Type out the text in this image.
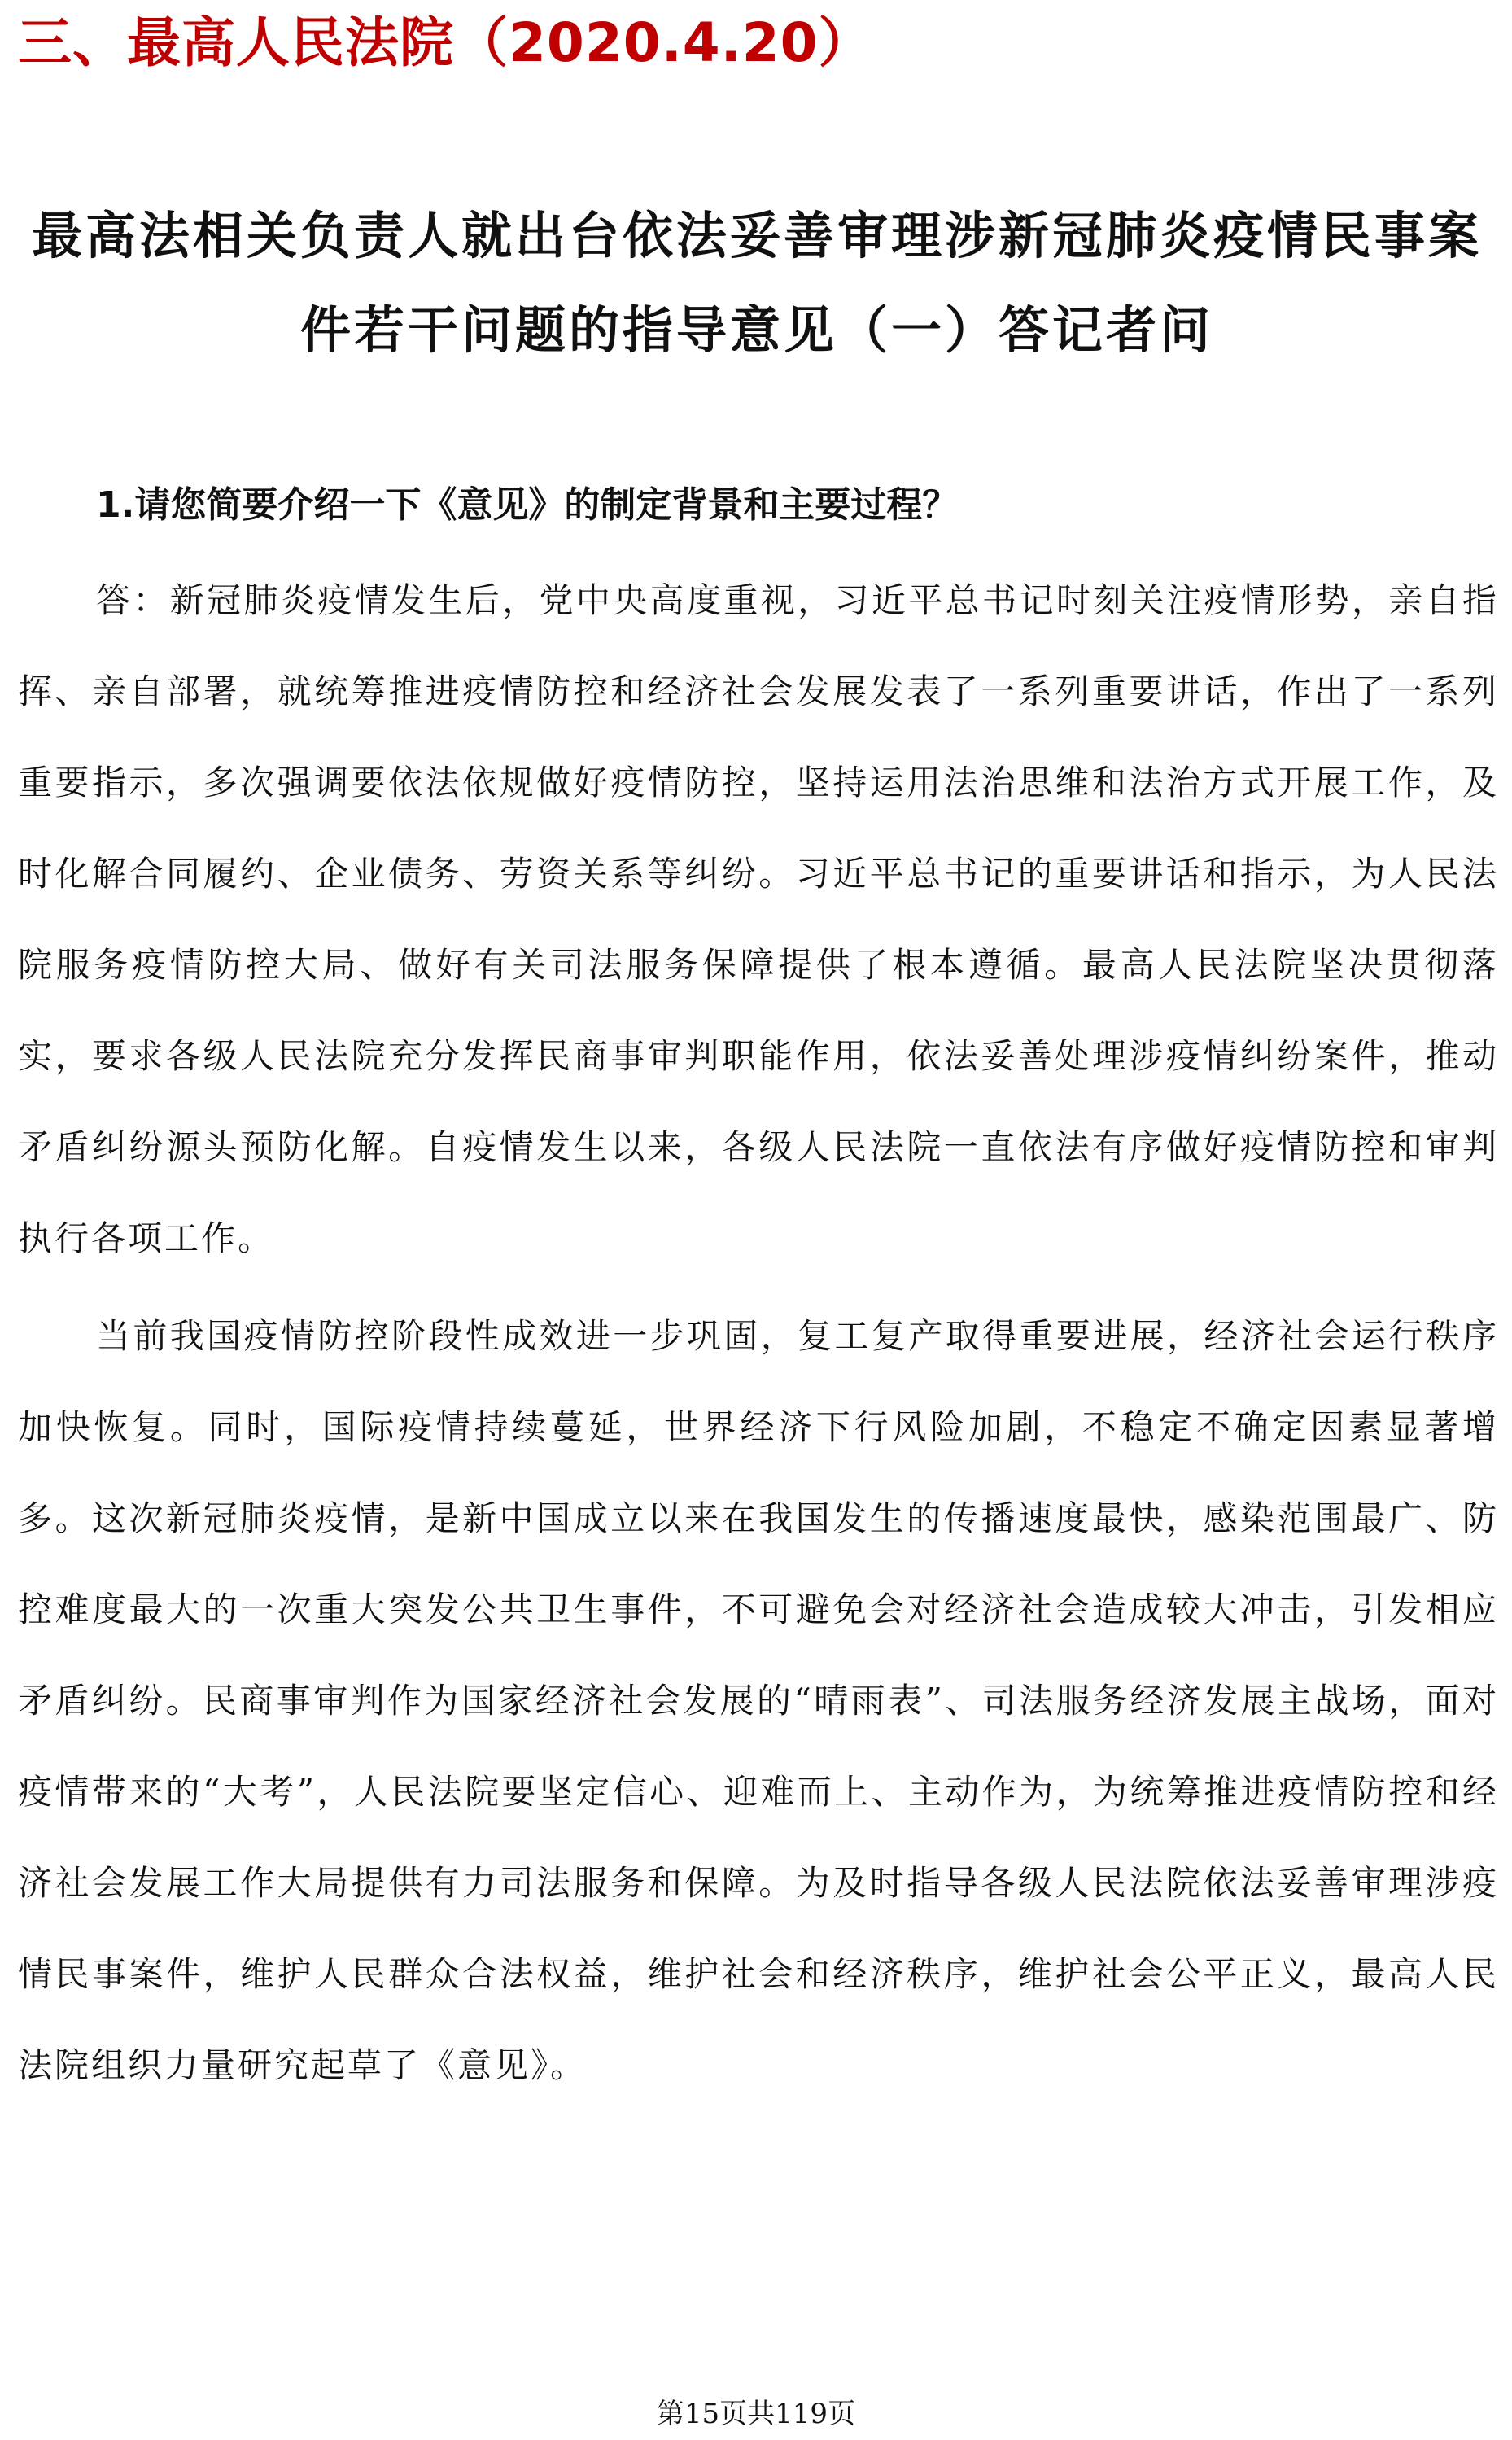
三、最高人民法院（2020.4.20）
最高法相关负责人就出台依法妥善审理涉新冠肺炎疫情民事案件若干问题的指导意见（一）答记者问
1.请您简要介绍一下《意见》的制定背景和主要过程？

答：新冠肺炎疫情发生后，党中央高度重视，习近平总书记时刻关注疫情形势，亲自指挥、亲自部署，就统筹推进疫情防控和经济社会发展发表了一系列重要讲话，作出了一系列重要指示，多次强调要依法依规做好疫情防控，坚持运用法治思维和法治方式开展工作，及时化解合同履约、企业债务、劳资关系等纠纷。习近平总书记的重要讲话和指示，为人民法院服务疫情防控大局、做好有关司法服务保障提供了根本遵循。最高人民法院坚决贯彻落实，要求各级人民法院充分发挥民商事审判职能作用，依法妥善处理涉疫情纠纷案件，推动矛盾纠纷源头预防化解。自疫情发生以来，各级人民法院一直依法有序做好疫情防控和审判执行各项工作。

当前我国疫情防控阶段性成效进一步巩固，复工复产取得重要进展，经济社会运行秩序加快恢复。同时，国际疫情持续蔓延，世界经济下行风险加剧，不稳定不确定因素显著增多。这次新冠肺炎疫情，是新中国成立以来在我国发生的传播速度最快，感染范围最广、防控难度最大的一次重大突发公共卫生事件，不可避免会对经济社会造成较大冲击，引发相应矛盾纠纷。民商事审判作为国家经济社会发展的“晴雨表”、司法服务经济发展主战场，面对疫情带来的“大考”，人民法院要坚定信心、迎难而上、主动作为，为统筹推进疫情防控和经济社会发展工作大局提供有力司法服务和保障。为及时指导各级人民法院依法妥善审理涉疫情民事案件，维护人民群众合法权益，维护社会和经济秩序，维护社会公平正义，最高人民法院组织力量研究起草了《意见》。

第15页共119页
